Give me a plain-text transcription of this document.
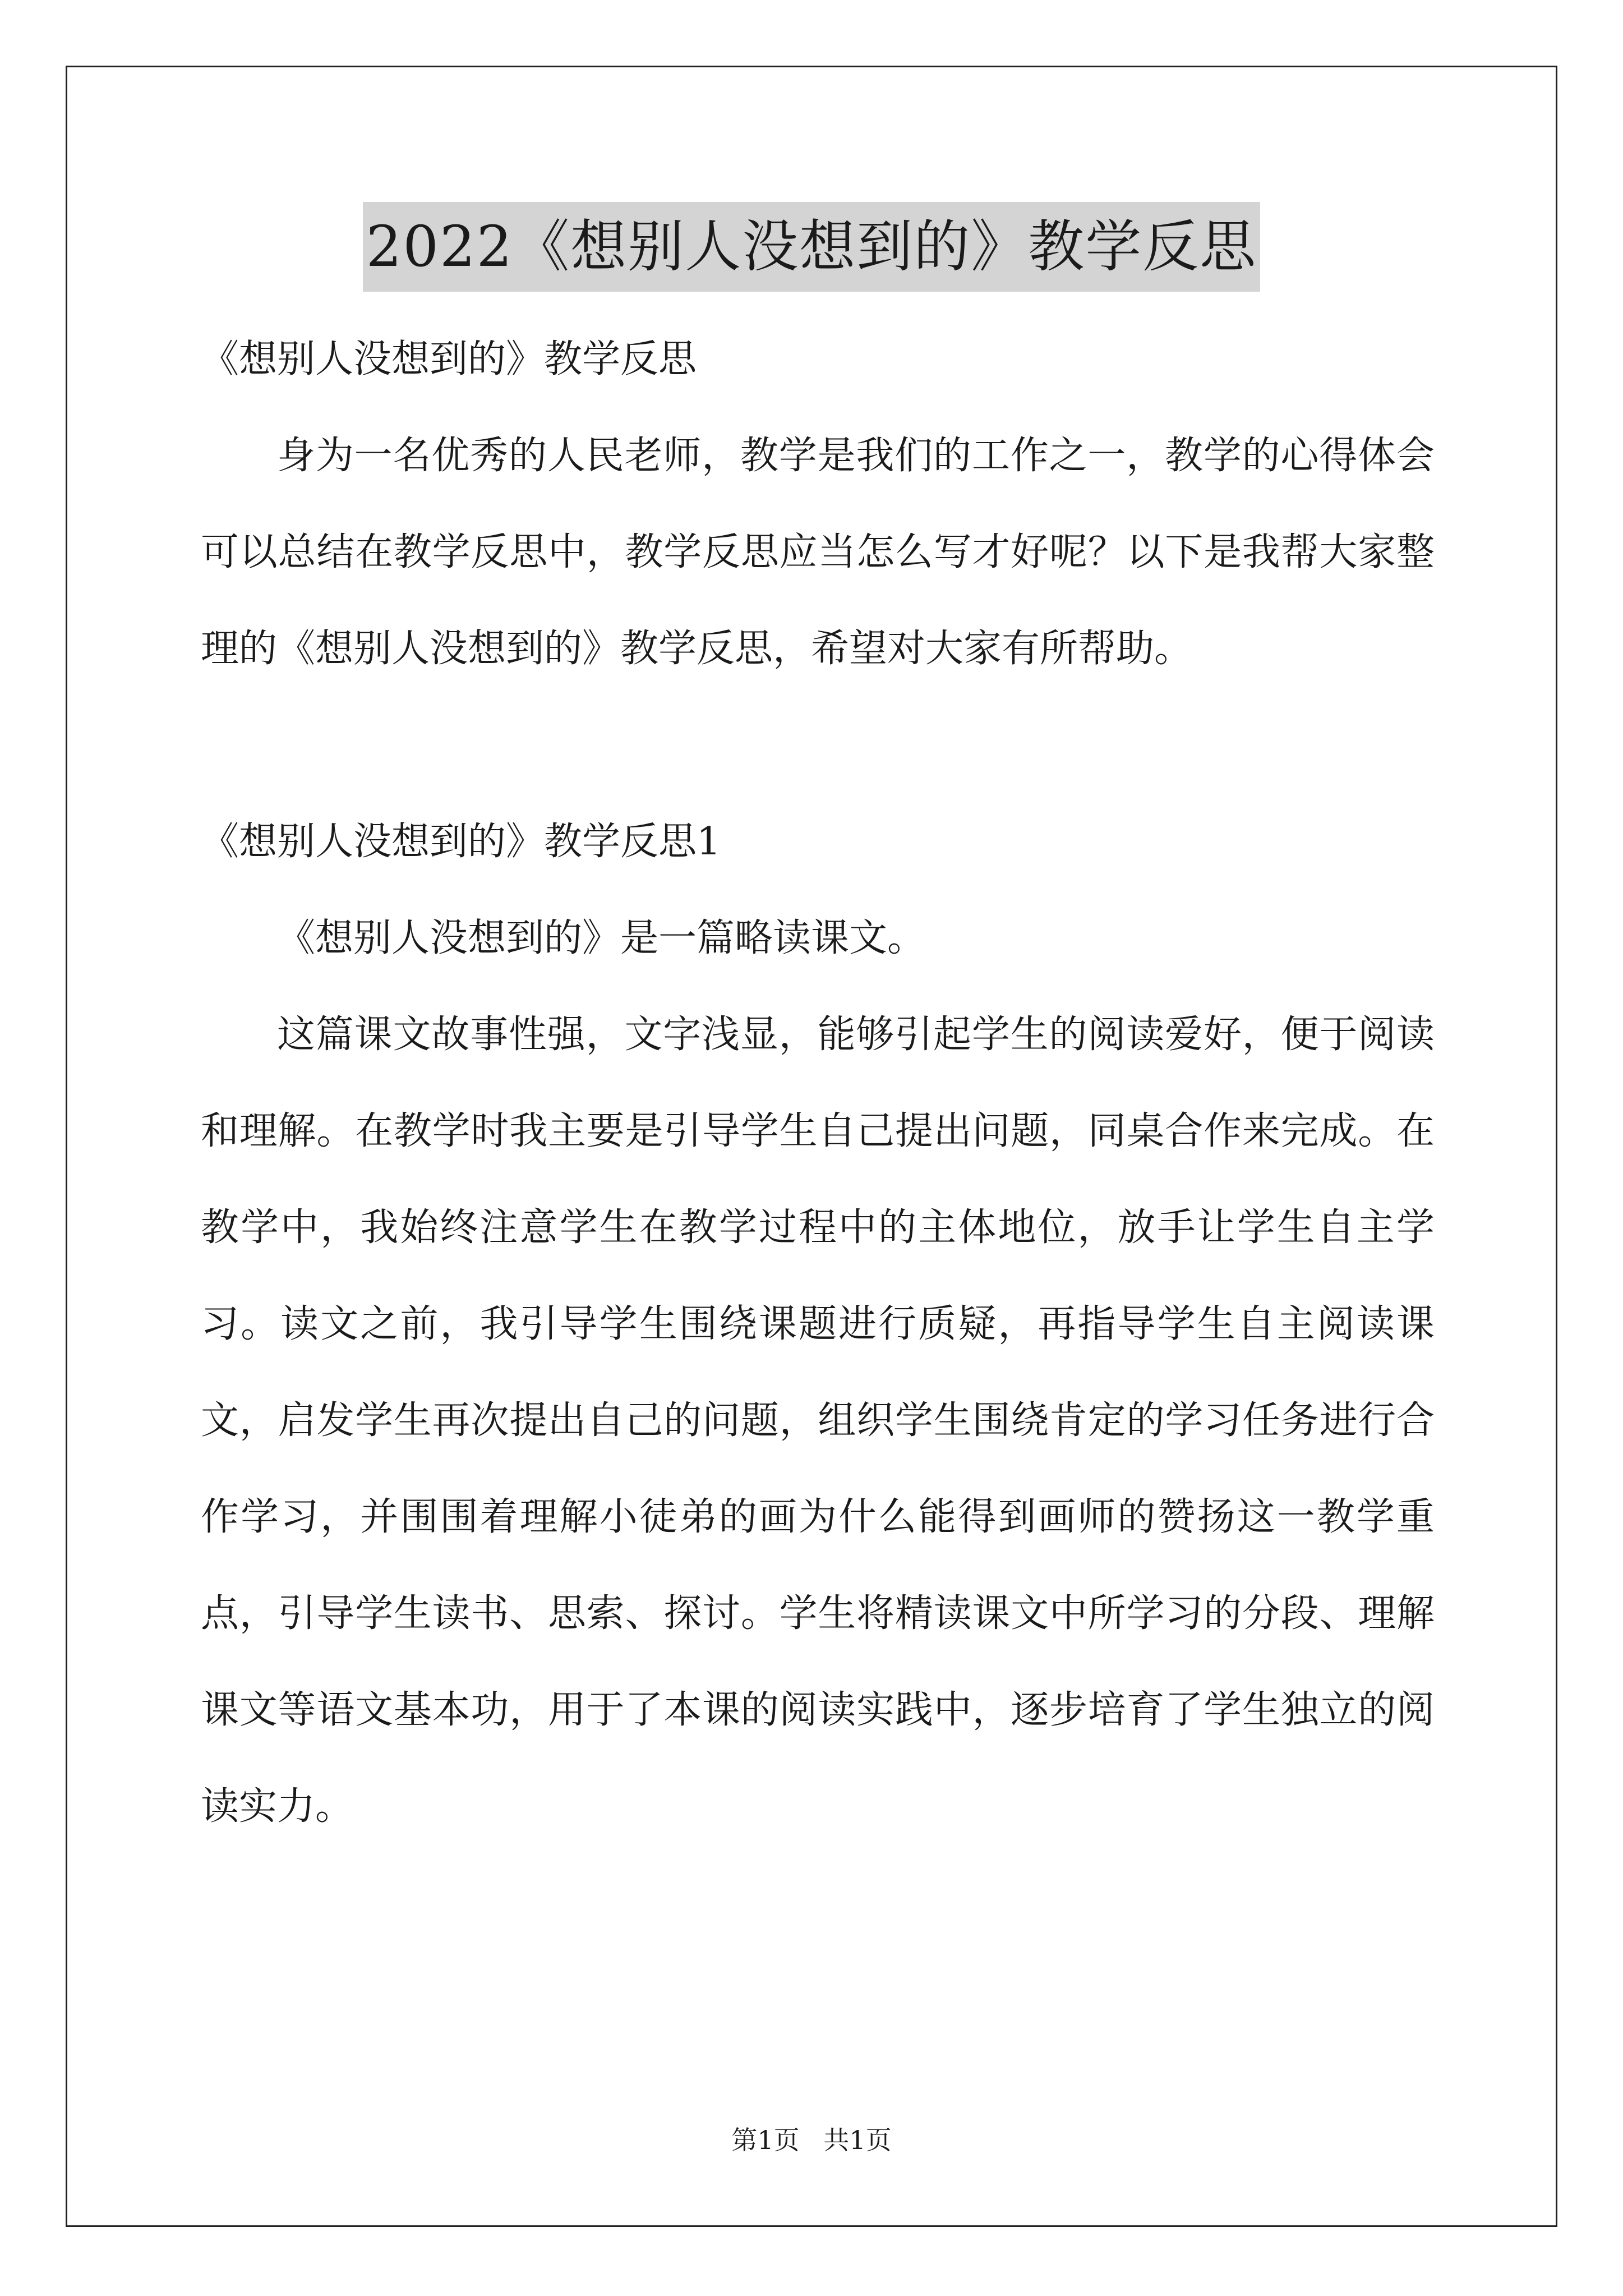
2022《想别人没想到的》教学反思

《想别人没想到的》教学反思

身为一名优秀的人民老师，教学是我们的工作之一，教学的心得体会可以总结在教学反思中，教学反思应当怎么写才好呢？以下是我帮大家整理的《想别人没想到的》教学反思，希望对大家有所帮助。

《想别人没想到的》教学反思1

《想别人没想到的》是一篇略读课文。

这篇课文故事性强，文字浅显，能够引起学生的阅读爱好，便于阅读和理解。在教学时我主要是引导学生自己提出问题，同桌合作来完成。在教学中，我始终注意学生在教学过程中的主体地位，放手让学生自主学习。读文之前，我引导学生围绕课题进行质疑，再指导学生自主阅读课文，启发学生再次提出自己的问题，组织学生围绕肯定的学习任务进行合作学习，并围围着理解小徒弟的画为什么能得到画师的赞扬这一教学重点，引导学生读书、思索、探讨。学生将精读课文中所学习的分段、理解课文等语文基本功，用于了本课的阅读实践中，逐步培育了学生独立的阅读实力。

第1页 共1页
